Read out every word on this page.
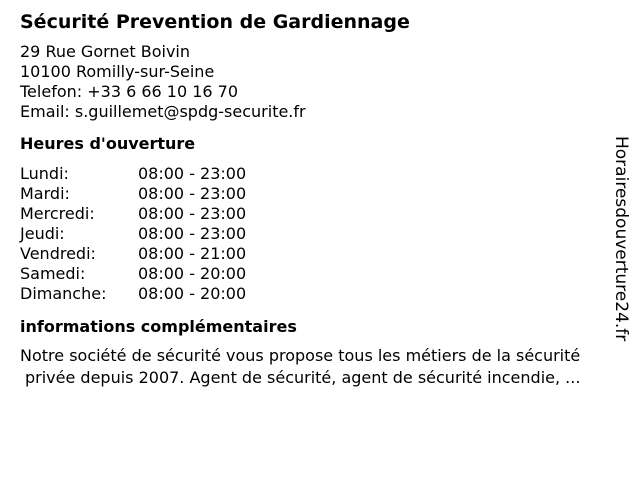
Sécurité Prevention de Gardiennage
29 Rue Gornet Boivin
10100 Romilly-sur-Seine
Telefon: +33 6 66 10 16 70
Email: s.guillemet@spdg-securite.fr
Heures d'ouverture
Lundi:	08:00 - 23:00
Mardi:	08:00 - 23:00
Mercredi:	08:00 - 23:00
Jeudi:	08:00 - 23:00
Vendredi:	08:00 - 21:00
Samedi:	08:00 - 20:00
Dimanche:	08:00 - 20:00
informations complémentaires
Notre société de sécurité vous propose tous les métiers de la sécurité
privée depuis 2007. Agent de sécurité, agent de sécurité incendie, ...
Horairesdouverture24.fr
